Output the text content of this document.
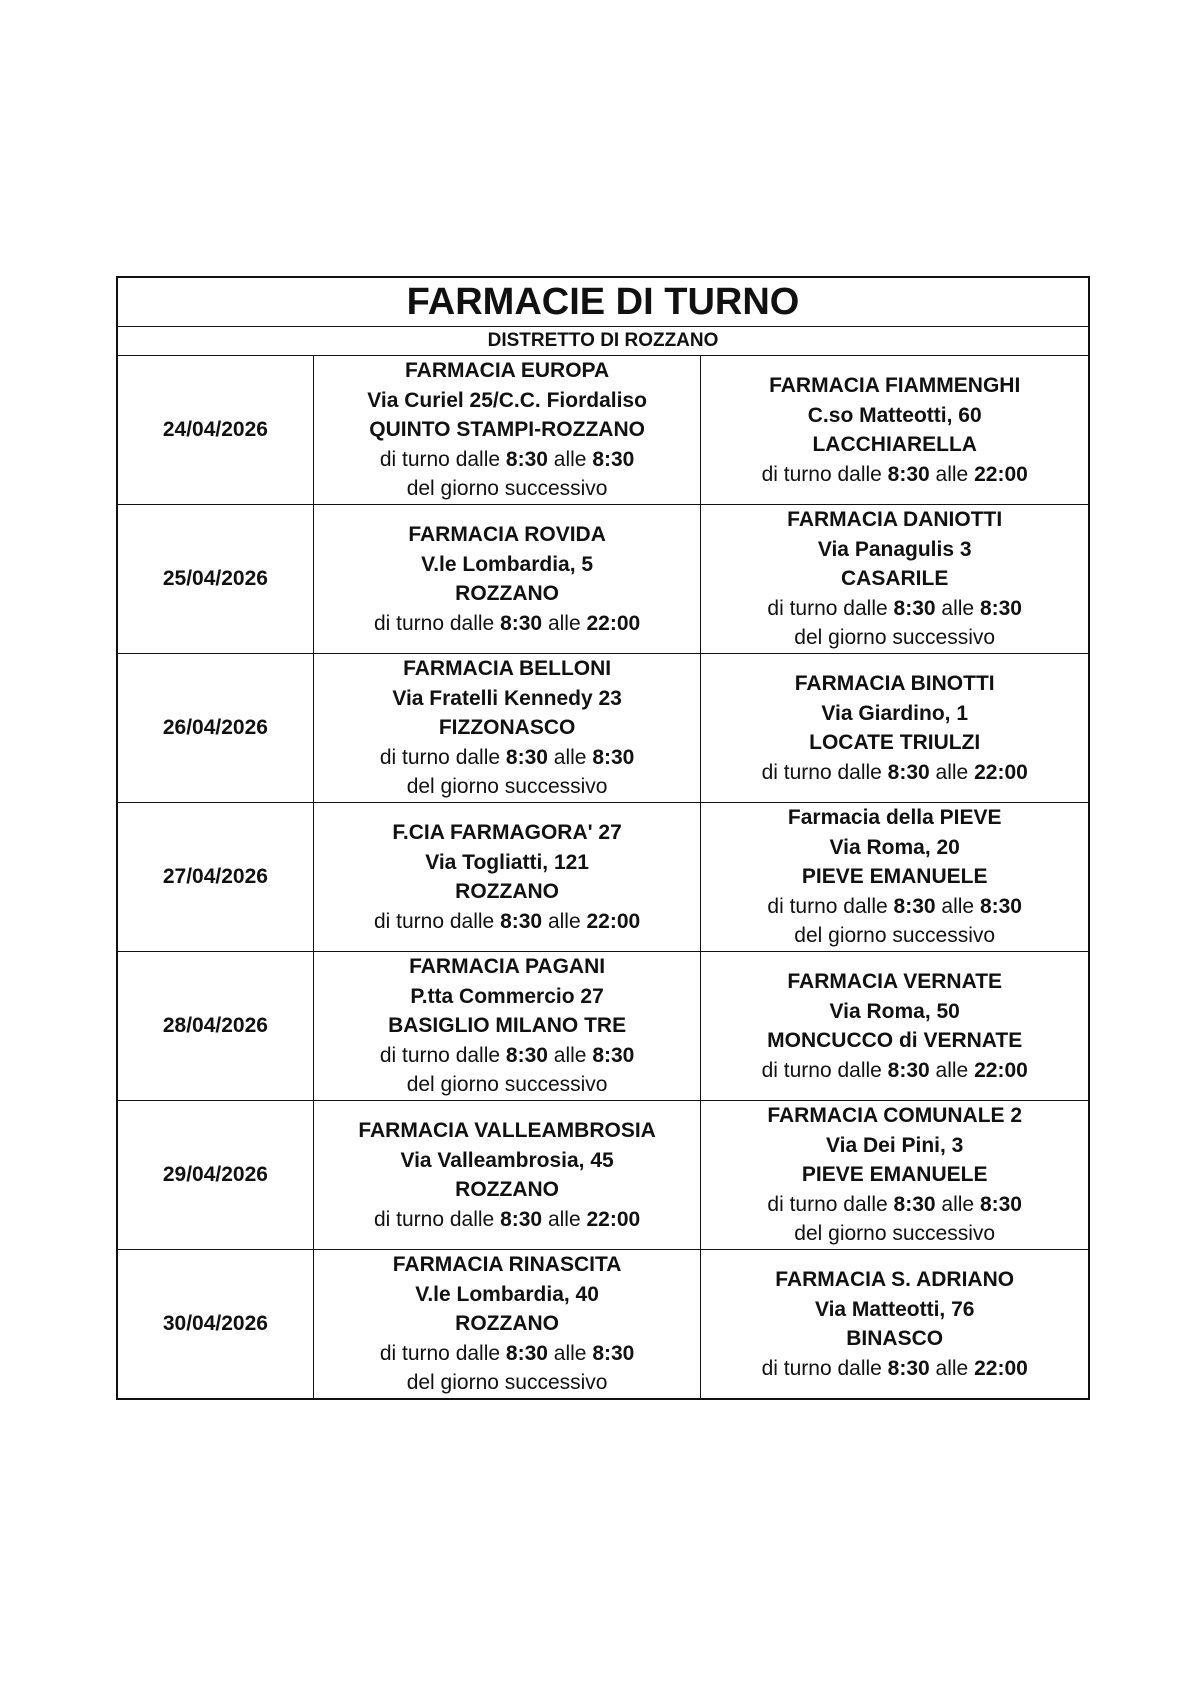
FARMACIE DI TURNO		
DISTRETTO DI ROZZANO		
24/04/2026	FARMACIA EUROPA
Via Curiel 25/C.C. Fiordaliso
QUINTO STAMPI-ROZZANO
di turno dalle 8:30 alle 8:30
del giorno successivo	FARMACIA FIAMMENGHI
C.so Matteotti, 60
LACCHIARELLA
di turno dalle 8:30 alle 22:00

25/04/2026	FARMACIA ROVIDA
V.le Lombardia, 5
ROZZANO
di turno dalle 8:30 alle 22:00	FARMACIA DANIOTTI
Via Panagulis 3
CASARILE
di turno dalle 8:30 alle 8:30
del giorno successivo

26/04/2026	FARMACIA BELLONI
Via Fratelli Kennedy 23
FIZZONASCO
di turno dalle 8:30 alle 8:30
del giorno successivo	FARMACIA BINOTTI
Via Giardino, 1
LOCATE TRIULZI
di turno dalle 8:30 alle 22:00

27/04/2026	F.CIA FARMAGORA' 27
Via Togliatti, 121
ROZZANO
di turno dalle 8:30 alle 22:00	Farmacia della PIEVE
Via Roma, 20
PIEVE EMANUELE
di turno dalle 8:30 alle 8:30
del giorno successivo

28/04/2026	FARMACIA PAGANI
P.tta Commercio 27
BASIGLIO MILANO TRE
di turno dalle 8:30 alle 8:30
del giorno successivo	FARMACIA VERNATE
Via Roma, 50
MONCUCCO di VERNATE
di turno dalle 8:30 alle 22:00

29/04/2026	FARMACIA VALLEAMBROSIA
Via Valleambrosia, 45
ROZZANO
di turno dalle 8:30 alle 22:00	FARMACIA COMUNALE 2
Via Dei Pini, 3
PIEVE EMANUELE
di turno dalle 8:30 alle 8:30
del giorno successivo

30/04/2026	FARMACIA RINASCITA
V.le Lombardia, 40
ROZZANO
di turno dalle 8:30 alle 8:30
del giorno successivo	FARMACIA S. ADRIANO
Via Matteotti, 76
BINASCO
di turno dalle 8:30 alle 22:00
